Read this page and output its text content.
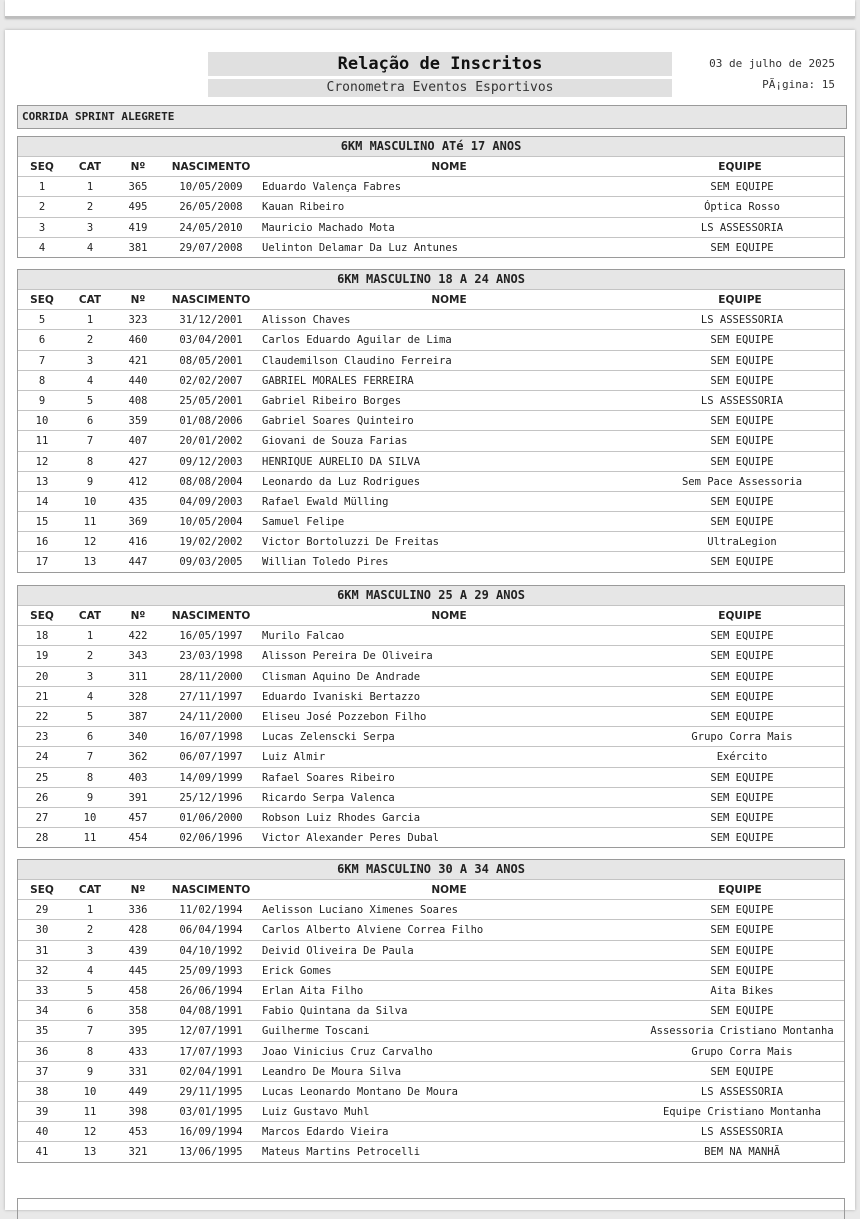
Relação de Inscritos
Cronometra Eventos Esportivos
03 de julho de 2025
PÃ¡gina: 15
CORRIDA SPRINT ALEGRETE
6KM MASCULINO ATé 17 ANOS
SEQ	CAT	Nº	NASCIMENTO	NOME	EQUIPE
1	1	365	10/05/2009	Eduardo Valença Fabres	SEM EQUIPE
2	2	495	26/05/2008	Kauan Ribeiro	Óptica Rosso
3	3	419	24/05/2010	Mauricio Machado Mota	LS ASSESSORIA
4	4	381	29/07/2008	Uelinton Delamar Da Luz Antunes	SEM EQUIPE
6KM MASCULINO 18 A 24 ANOS
SEQ	CAT	Nº	NASCIMENTO	NOME	EQUIPE
5	1	323	31/12/2001	Alisson Chaves	LS ASSESSORIA
6	2	460	03/04/2001	Carlos Eduardo Aguilar de Lima	SEM EQUIPE
7	3	421	08/05/2001	Claudemilson Claudino Ferreira	SEM EQUIPE
8	4	440	02/02/2007	GABRIEL MORALES FERREIRA	SEM EQUIPE
9	5	408	25/05/2001	Gabriel Ribeiro Borges	LS ASSESSORIA
10	6	359	01/08/2006	Gabriel Soares Quinteiro	SEM EQUIPE
11	7	407	20/01/2002	Giovani de Souza Farias	SEM EQUIPE
12	8	427	09/12/2003	HENRIQUE AURELIO DA SILVA	SEM EQUIPE
13	9	412	08/08/2004	Leonardo da Luz Rodrigues	Sem Pace Assessoria
14	10	435	04/09/2003	Rafael Ewald Mülling	SEM EQUIPE
15	11	369	10/05/2004	Samuel Felipe	SEM EQUIPE
16	12	416	19/02/2002	Victor Bortoluzzi De Freitas	UltraLegion
17	13	447	09/03/2005	Willian Toledo Pires	SEM EQUIPE
6KM MASCULINO 25 A 29 ANOS
SEQ	CAT	Nº	NASCIMENTO	NOME	EQUIPE
18	1	422	16/05/1997	Murilo Falcao	SEM EQUIPE
19	2	343	23/03/1998	Alisson Pereira De Oliveira	SEM EQUIPE
20	3	311	28/11/2000	Clisman Aquino De Andrade	SEM EQUIPE
21	4	328	27/11/1997	Eduardo Ivaniski Bertazzo	SEM EQUIPE
22	5	387	24/11/2000	Eliseu José Pozzebon Filho	SEM EQUIPE
23	6	340	16/07/1998	Lucas Zelenscki Serpa	Grupo Corra Mais
24	7	362	06/07/1997	Luiz Almir	Exército
25	8	403	14/09/1999	Rafael Soares Ribeiro	SEM EQUIPE
26	9	391	25/12/1996	Ricardo Serpa Valenca	SEM EQUIPE
27	10	457	01/06/2000	Robson Luiz Rhodes Garcia	SEM EQUIPE
28	11	454	02/06/1996	Victor Alexander Peres Dubal	SEM EQUIPE
6KM MASCULINO 30 A 34 ANOS
SEQ	CAT	Nº	NASCIMENTO	NOME	EQUIPE
29	1	336	11/02/1994	Aelisson Luciano Ximenes Soares	SEM EQUIPE
30	2	428	06/04/1994	Carlos Alberto Alviene Correa Filho	SEM EQUIPE
31	3	439	04/10/1992	Deivid Oliveira De Paula	SEM EQUIPE
32	4	445	25/09/1993	Erick Gomes	SEM EQUIPE
33	5	458	26/06/1994	Erlan Aita Filho	Aita Bikes
34	6	358	04/08/1991	Fabio Quintana da Silva	SEM EQUIPE
35	7	395	12/07/1991	Guilherme Toscani	Assessoria Cristiano Montanha
36	8	433	17/07/1993	Joao Vinicius Cruz Carvalho	Grupo Corra Mais
37	9	331	02/04/1991	Leandro De Moura Silva	SEM EQUIPE
38	10	449	29/11/1995	Lucas Leonardo Montano De Moura	LS ASSESSORIA
39	11	398	03/01/1995	Luiz Gustavo Muhl	Equipe Cristiano Montanha
40	12	453	16/09/1994	Marcos Edardo Vieira	LS ASSESSORIA
41	13	321	13/06/1995	Mateus Martins Petrocelli	BEM NA MANHÃ
